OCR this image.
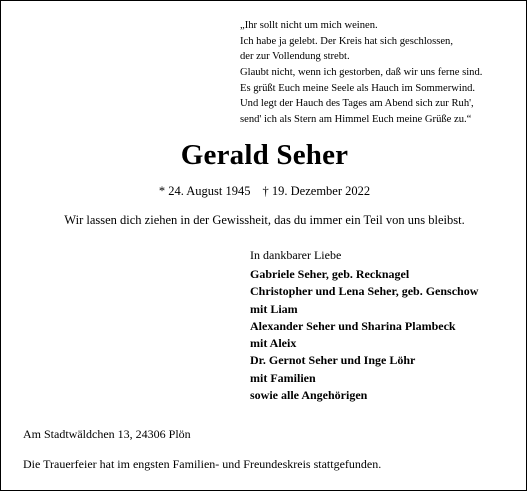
„Ihr sollt nicht um mich weinen.
Ich habe ja gelebt. Der Kreis hat sich geschlossen,
der zur Vollendung strebt.
Glaubt nicht, wenn ich gestorben, daß wir uns ferne sind.
Es grüßt Euch meine Seele als Hauch im Sommerwind.
Und legt der Hauch des Tages am Abend sich zur Ruh',
send' ich als Stern am Himmel Euch meine Grüße zu.“
Gerald Seher
* 24. August 1945 † 19. Dezember 2022
Wir lassen dich ziehen in der Gewissheit, das du immer ein Teil von uns bleibst.
In dankbarer Liebe
Gabriele Seher, geb. Recknagel
Christopher und Lena Seher, geb. Genschow
mit Liam
Alexander Seher und Sharina Plambeck
mit Aleix
Dr. Gernot Seher und Inge Löhr
mit Familien
sowie alle Angehörigen
Am Stadtwäldchen 13, 24306 Plön
Die Trauerfeier hat im engsten Familien- und Freundeskreis stattgefunden.
